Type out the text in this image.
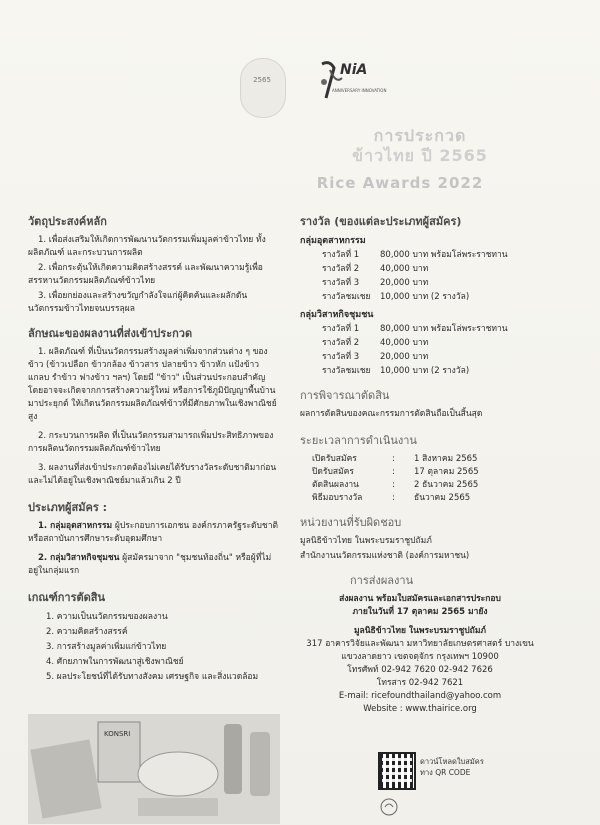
2565
NiA
ANNIVERSARY INNOVATION
การประกวด
ข้าวไทย ปี 2565
Rice Awards 2022
วัตถุประสงค์หลัก
1. เพื่อส่งเสริมให้เกิดการพัฒนานวัตกรรมเพิ่มมูลค่าข้าวไทย ทั้งผลิตภัณฑ์ และกระบวนการผลิต
2. เพื่อกระตุ้นให้เกิดความคิดสร้างสรรค์ และพัฒนาความรู้เพื่อสรรหานวัตกรรมผลิตภัณฑ์ข้าวไทย
3. เพื่อยกย่องและสร้างขวัญกำลังใจแก่ผู้คิดค้นและผลักดันนวัตกรรมข้าวไทยจนบรรลุผล
ลักษณะของผลงานที่ส่งเข้าประกวด
1. ผลิตภัณฑ์ ที่เป็นนวัตกรรมสร้างมูลค่าเพิ่มจากส่วนต่าง ๆ ของข้าว (ข้าวเปลือก ข้าวกล้อง ข้าวสาร ปลายข้าว ข้าวหัก แป้งข้าว แกลบ รำข้าว ฟางข้าว ฯลฯ) โดยมี "ข้าว" เป็นส่วนประกอบสำคัญ โดยอาจจะเกิดจากการสร้างความรู้ใหม่ หรือการใช้ภูมิปัญญาพื้นบ้านมาประยุกต์ ให้เกิดนวัตกรรมผลิตภัณฑ์ข้าวที่มีศักยภาพในเชิงพาณิชย์สูง
2. กระบวนการผลิต ที่เป็นนวัตกรรมสามารถเพิ่มประสิทธิภาพของการผลิตนวัตกรรมผลิตภัณฑ์ข้าวไทย
3. ผลงานที่ส่งเข้าประกวดต้องไม่เคยได้รับรางวัลระดับชาติมาก่อน และไม่ได้อยู่ในเชิงพาณิชย์มาแล้วเกิน 2 ปี
ประเภทผู้สมัคร :
1. กลุ่มอุตสาหกรรม ผู้ประกอบการเอกชน องค์กรภาครัฐระดับชาติ หรือสถาบันการศึกษาระดับอุดมศึกษา
2. กลุ่มวิสาหกิจชุมชน ผู้สมัครมาจาก "ชุมชนท้องถิ่น" หรือผู้ที่ไม่อยู่ในกลุ่มแรก
เกณฑ์การตัดสิน
1. ความเป็นนวัตกรรมของผลงาน
2. ความคิดสร้างสรรค์
3. การสร้างมูลค่าเพิ่มแก่ข้าวไทย
4. ศักยภาพในการพัฒนาสู่เชิงพาณิชย์
5. ผลประโยชน์ที่ได้รับทางสังคม เศรษฐกิจ และสิ่งแวดล้อม
KONSRI
รางวัล (ของแต่ละประเภทผู้สมัคร)
กลุ่มอุตสาหกรรม
รางวัลที่ 1	80,000 บาท พร้อมโล่พระราชทาน
รางวัลที่ 2	40,000 บาท
รางวัลที่ 3	20,000 บาท
รางวัลชมเชย	10,000 บาท (2 รางวัล)
กลุ่มวิสาหกิจชุมชน
รางวัลที่ 1	80,000 บาท พร้อมโล่พระราชทาน
รางวัลที่ 2	40,000 บาท
รางวัลที่ 3	20,000 บาท
รางวัลชมเชย	10,000 บาท (2 รางวัล)
การพิจารณาตัดสิน
ผลการตัดสินของคณะกรรมการตัดสินถือเป็นสิ้นสุด
ระยะเวลาการดำเนินงาน
เปิดรับสมัคร	:	1 สิงหาคม 2565
ปิดรับสมัคร	:	17 ตุลาคม 2565
ตัดสินผลงาน	:	2 ธันวาคม 2565
พิธีมอบรางวัล	:	ธันวาคม 2565
หน่วยงานที่รับผิดชอบ
มูลนิธิข้าวไทย ในพระบรมราชูปถัมภ์
สำนักงานนวัตกรรมแห่งชาติ (องค์การมหาชน)
การส่งผลงาน
ส่งผลงาน พร้อมใบสมัครและเอกสารประกอบ
ภายในวันที่ 17 ตุลาคม 2565 มายัง
มูลนิธิข้าวไทย ในพระบรมราชูปถัมภ์
317 อาคารวิจัยและพัฒนา มหาวิทยาลัยเกษตรศาสตร์ บางเขน
แขวงลาดยาว เขตจตุจักร กรุงเทพฯ 10900
โทรศัพท์ 02-942 7620 02-942 7626
โทรสาร 02-942 7621
E-mail: ricefoundthailand@yahoo.com
Website : www.thairice.org
ดาวน์โหลดใบสมัคร
ทาง QR CODE
